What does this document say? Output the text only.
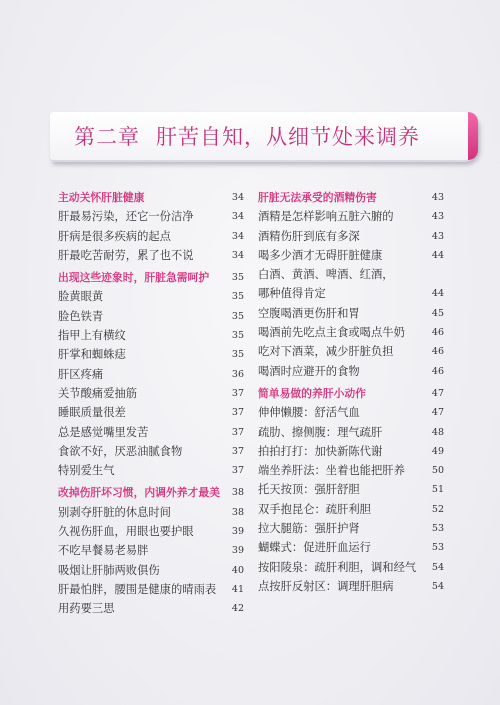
第二章 肝苦自知，从细节处来调养
主动关怀肝脏健康	34
肝最易污染，还它一份洁净	34
肝病是很多疾病的起点	34
肝最吃苦耐劳，累了也不说	34
出现这些迹象时，肝脏急需呵护 35
脸黄眼黄	35
脸色铁青	35
指甲上有横纹	35
肝掌和蜘蛛痣	35
肝区疼痛	36
关节酸痛爱抽筋	37
睡眠质量很差	37
总是感觉嘴里发苦	37
食欲不好，厌恶油腻食物	37
特别爱生气	37
改掉伤肝坏习惯，内调外养才最美 38
别剥夺肝脏的休息时间	38
久视伤肝血，用眼也要护眼	39
不吃早餐易老易胖	39
吸烟让肝肺两败俱伤	40
肝最怕胖，腰围是健康的晴雨表 41
用药要三思	42
肝脏无法承受的酒精伤害	43
酒精是怎样影响五脏六腑的	43
酒精伤肝到底有多深	43
喝多少酒才无碍肝脏健康	44
白酒、黄酒、啤酒、红酒，
哪种值得肯定	44
空腹喝酒更伤肝和胃	45
喝酒前先吃点主食或喝点牛奶	46
吃对下酒菜，减少肝脏负担	46
喝酒时应避开的食物	46
简单易做的养肝小动作	47
伸伸懒腰：舒活气血	47
疏肋、擦侧腹：理气疏肝	48
拍拍打打：加快新陈代谢	49
端坐养肝法：坐着也能把肝养	50
托天按顶：强肝舒胆	51
双手抱昆仑：疏肝利胆	52
拉大腿筋：强肝护肾	53
蝴蝶式：促进肝血运行	53
按阳陵泉：疏肝利胆，调和经气 54
点按肝反射区：调理肝胆病	54
